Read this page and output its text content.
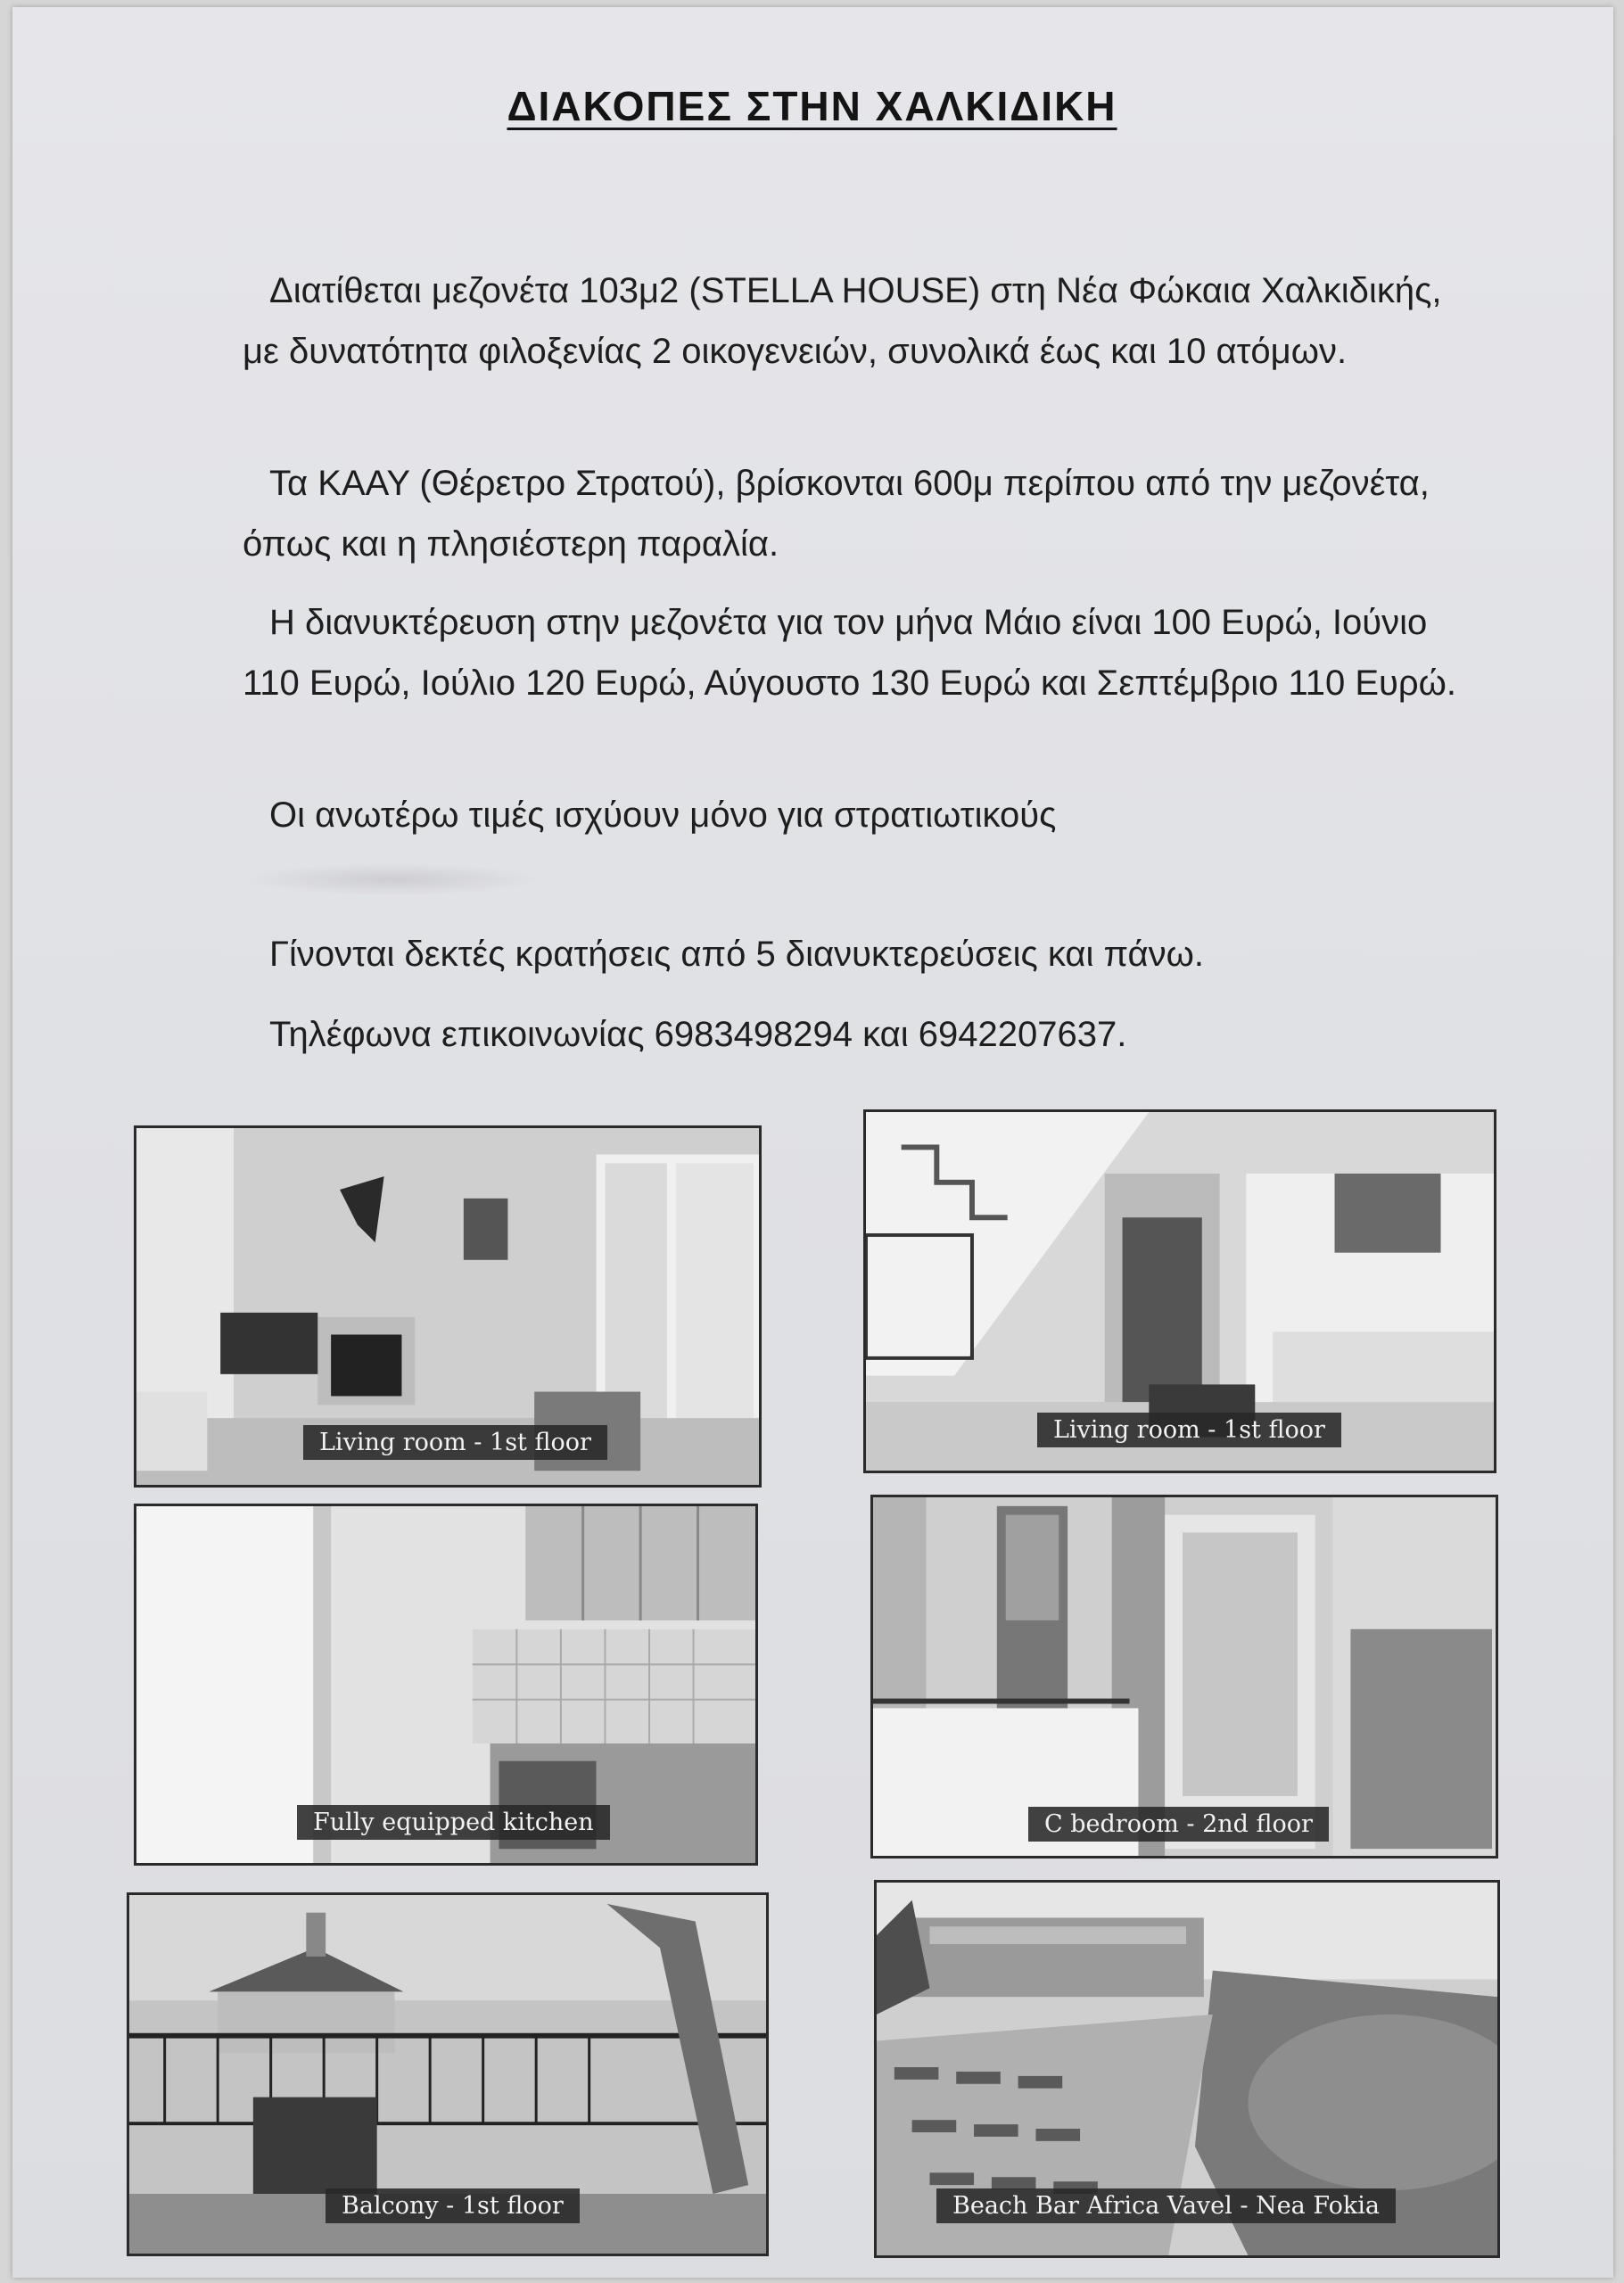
ΔΙΑΚΟΠΕΣ ΣΤΗΝ ΧΑΛΚΙΔΙΚΗ
Διατίθεται μεζονέτα 103μ2 (STELLA HOUSE) στη Νέα Φώκαια Χαλκιδικής, με δυνατότητα φιλοξενίας 2 οικογενειών, συνολικά έως και 10 ατόμων.
Τα ΚΑΑΥ (Θέρετρο Στρατού), βρίσκονται 600μ περίπου από την μεζονέτα, όπως και η πλησιέστερη παραλία.
Η διανυκτέρευση στην μεζονέτα για τον μήνα Μάιο είναι 100 Ευρώ, Ιούνιο 110 Ευρώ, Ιούλιο 120 Ευρώ, Αύγουστο 130 Ευρώ και Σεπτέμβριο 110 Ευρώ.
Οι ανωτέρω τιμές ισχύουν μόνο για στρατιωτικούς
Γίνονται δεκτές κρατήσεις από 5 διανυκτερεύσεις και πάνω.
Τηλέφωνα επικοινωνίας 6983498294 και 6942207637.
Living room - 1st floor	Living room - 1st floor
Fully equipped kitchen	C bedroom - 2nd floor
Balcony - 1st floor	Beach Bar Africa Vavel - Nea Fokia
